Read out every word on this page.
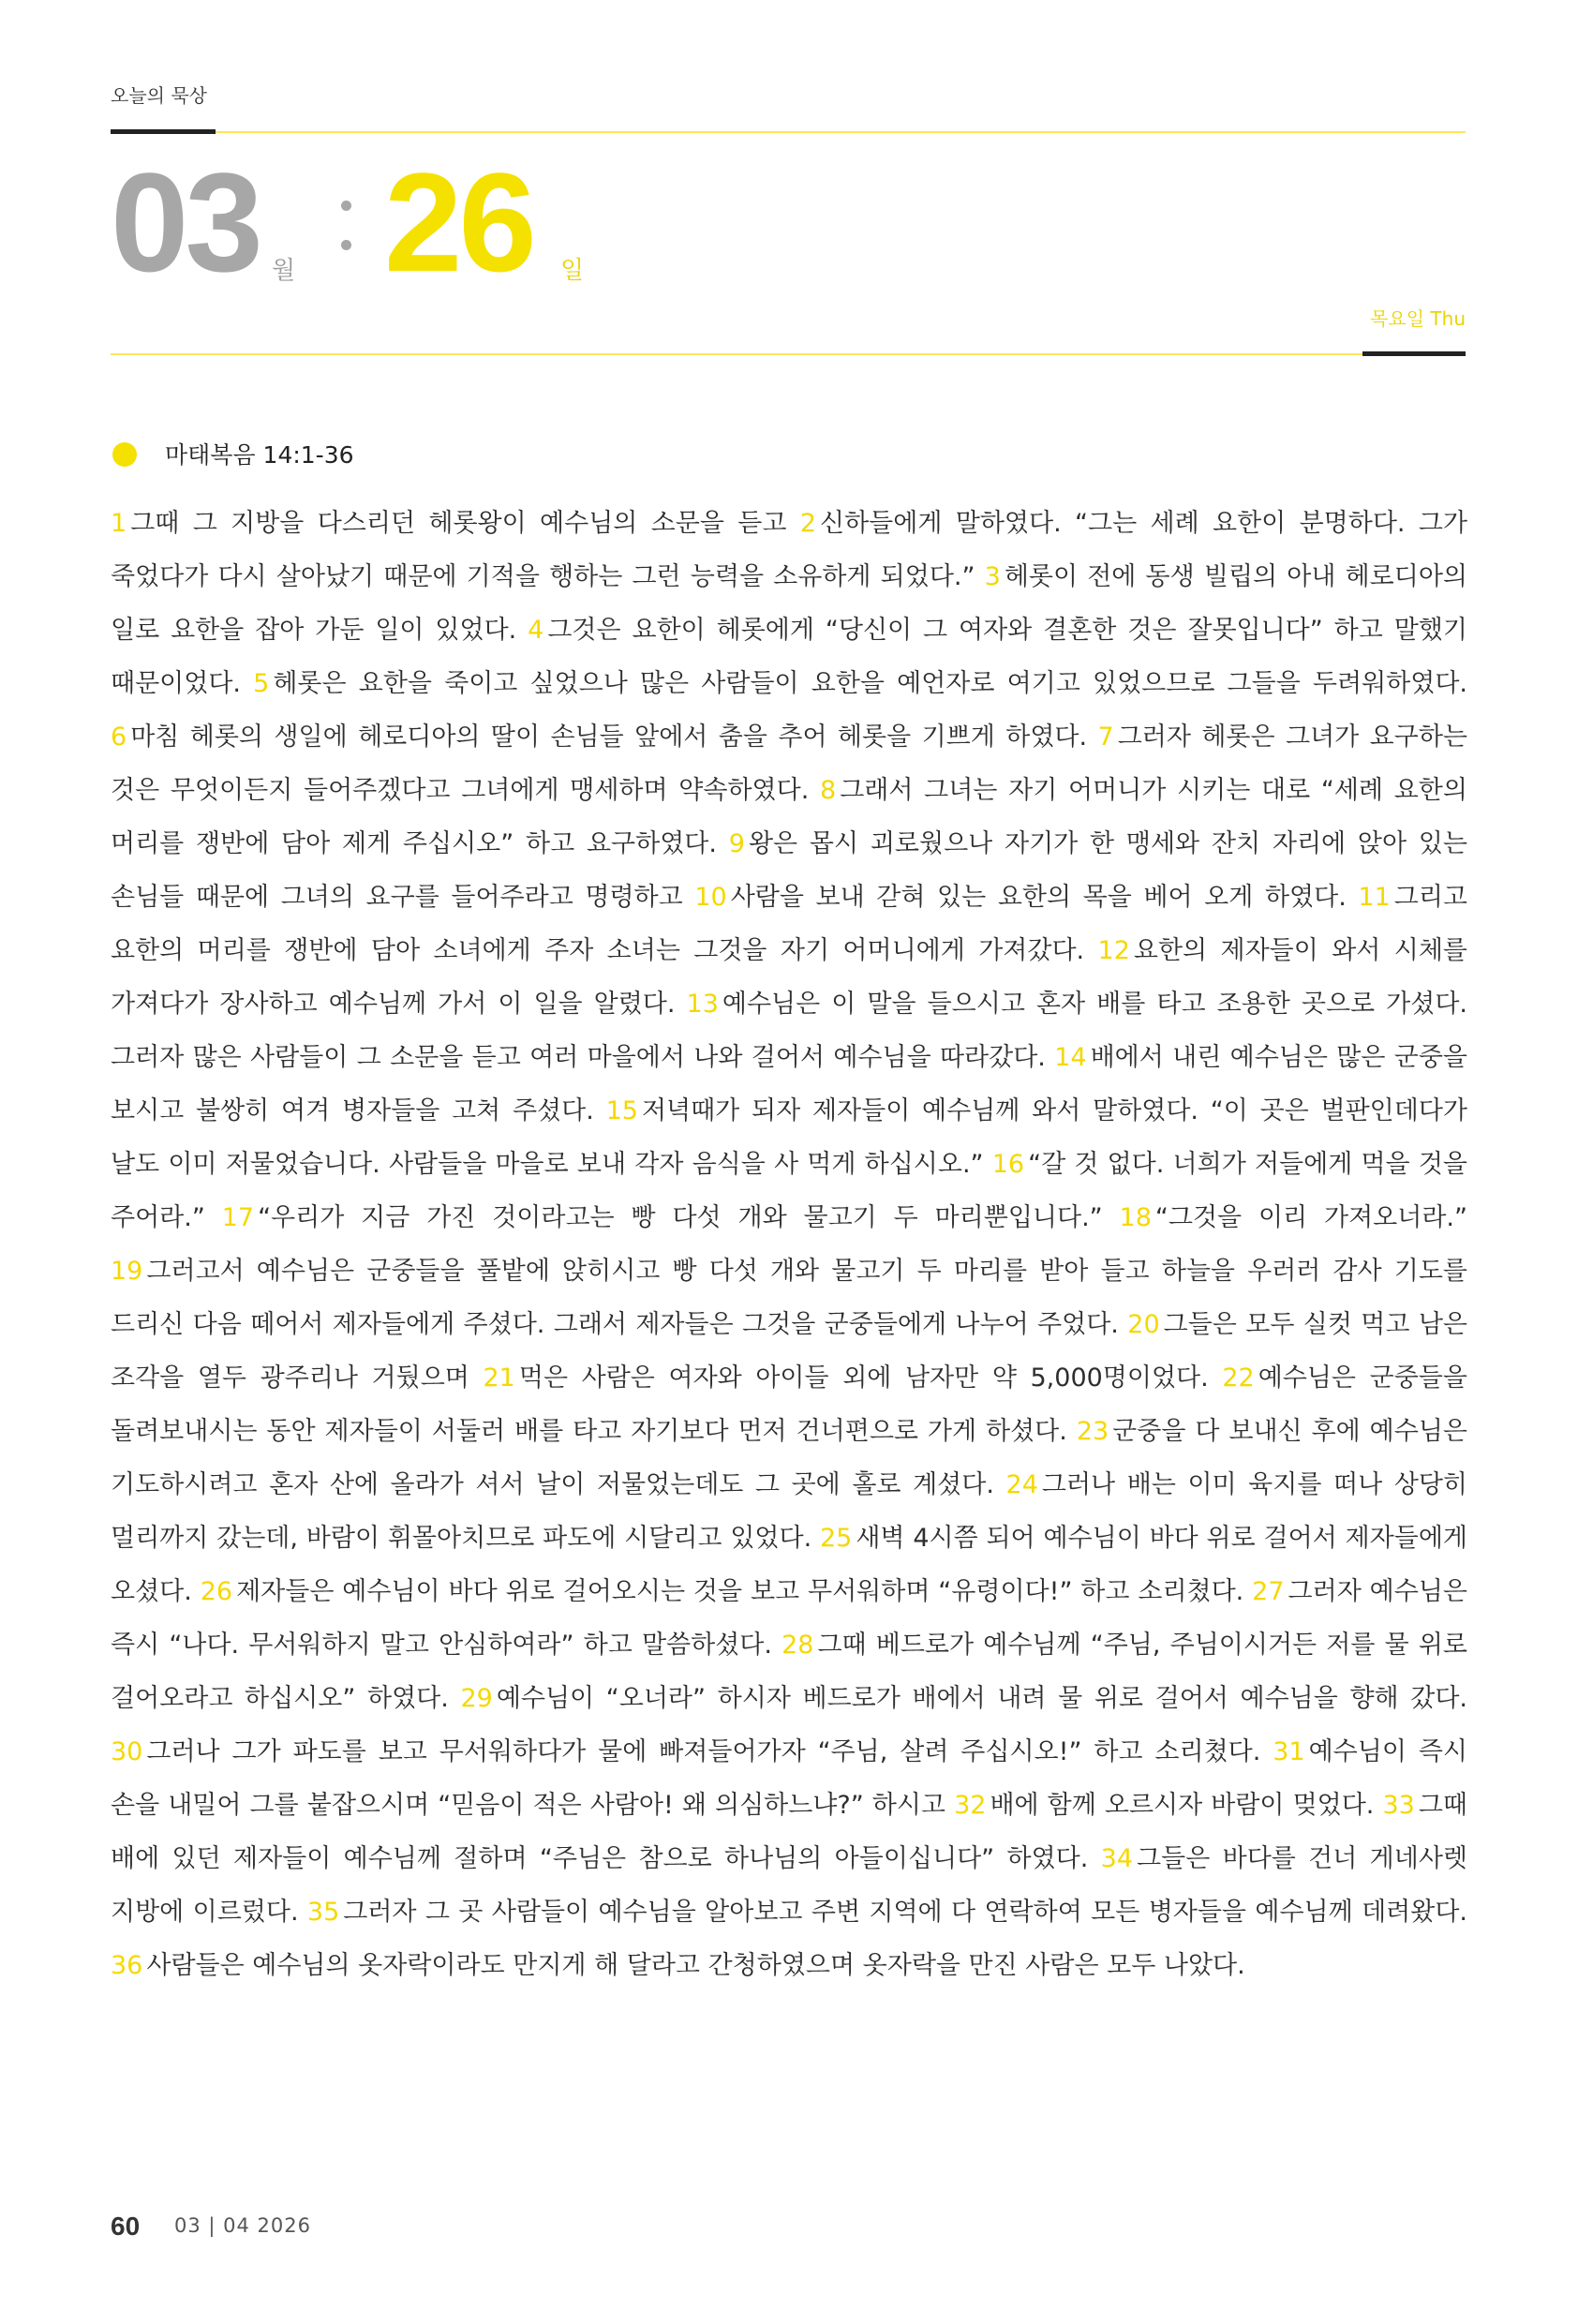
오늘의 묵상
03 월 26 일
목요일 Thu
마태복음 14:1-36
1 그때 그 지방을 다스리던 헤롯왕이 예수님의 소문을 듣고 2 신하들에게 말하였다. “그는 세례 요한이 분명하다. 그가 죽었다가 다시 살아났기 때문에 기적을 행하는 그런 능력을 소유하게 되었다.” 3 헤롯이 전에 동생 빌립의 아내 헤로디아의 일로 요한을 잡아 가둔 일이 있었다. 4 그것은 요한이 헤롯에게 “당신이 그 여자와 결혼한 것은 잘못입니다” 하고 말했기 때문이었다. 5 헤롯은 요한을 죽이고 싶었으나 많은 사람들이 요한을 예언자로 여기고 있었으므로 그들을 두려워하였다. 6 마침 헤롯의 생일에 헤로디아의 딸이 손님들 앞에서 춤을 추어 헤롯을 기쁘게 하였다. 7 그러자 헤롯은 그녀가 요구하는 것은 무엇이든지 들어주겠다고 그녀에게 맹세하며 약속하였다. 8 그래서 그녀는 자기 어머니가 시키는 대로 “세례 요한의 머리를 쟁반에 담아 제게 주십시오” 하고 요구하였다. 9 왕은 몹시 괴로웠으나 자기가 한 맹세와 잔치 자리에 앉아 있는 손님들 때문에 그녀의 요구를 들어주라고 명령하고 10 사람을 보내 갇혀 있는 요한의 목을 베어 오게 하였다. 11 그리고 요한의 머리를 쟁반에 담아 소녀에게 주자 소녀는 그것을 자기 어머니에게 가져갔다. 12 요한의 제자들이 와서 시체를 가져다가 장사하고 예수님께 가서 이 일을 알렸다. 13 예수님은 이 말을 들으시고 혼자 배를 타고 조용한 곳으로 가셨다. 그러자 많은 사람들이 그 소문을 듣고 여러 마을에서 나와 걸어서 예수님을 따라갔다. 14 배에서 내린 예수님은 많은 군중을 보시고 불쌍히 여겨 병자들을 고쳐 주셨다. 15 저녁때가 되자 제자들이 예수님께 와서 말하였다. “이 곳은 벌판인데다가 날도 이미 저물었습니다. 사람들을 마을로 보내 각자 음식을 사 먹게 하십시오.” 16 “갈 것 없다. 너희가 저들에게 먹을 것을 주어라.” 17 “우리가 지금 가진 것이라고는 빵 다섯 개와 물고기 두 마리뿐입니다.” 18 “그것을 이리 가져오너라.” 19 그러고서 예수님은 군중들을 풀밭에 앉히시고 빵 다섯 개와 물고기 두 마리를 받아 들고 하늘을 우러러 감사 기도를 드리신 다음 떼어서 제자들에게 주셨다. 그래서 제자들은 그것을 군중들에게 나누어 주었다. 20 그들은 모두 실컷 먹고 남은 조각을 열두 광주리나 거뒀으며 21 먹은 사람은 여자와 아이들 외에 남자만 약 5,000명이었다. 22 예수님은 군중들을 돌려보내시는 동안 제자들이 서둘러 배를 타고 자기보다 먼저 건너편으로 가게 하셨다. 23 군중을 다 보내신 후에 예수님은 기도하시려고 혼자 산에 올라가 셔서 날이 저물었는데도 그 곳에 홀로 계셨다. 24 그러나 배는 이미 육지를 떠나 상당히 멀리까지 갔는데, 바람이 휘몰아치므로 파도에 시달리고 있었다. 25 새벽 4시쯤 되어 예수님이 바다 위로 걸어서 제자들에게 오셨다. 26 제자들은 예수님이 바다 위로 걸어오시는 것을 보고 무서워하며 “유령이다!” 하고 소리쳤다. 27 그러자 예수님은 즉시 “나다. 무서워하지 말고 안심하여라” 하고 말씀하셨다. 28 그때 베드로가 예수님께 “주님, 주님이시거든 저를 물 위로 걸어오라고 하십시오” 하였다. 29 예수님이 “오너라” 하시자 베드로가 배에서 내려 물 위로 걸어서 예수님을 향해 갔다. 30 그러나 그가 파도를 보고 무서워하다가 물에 빠져들어가자 “주님, 살려 주십시오!” 하고 소리쳤다. 31 예수님이 즉시 손을 내밀어 그를 붙잡으시며 “믿음이 적은 사람아! 왜 의심하느냐?” 하시고 32 배에 함께 오르시자 바람이 멎었다. 33 그때 배에 있던 제자들이 예수님께 절하며 “주님은 참으로 하나님의 아들이십니다” 하였다. 34 그들은 바다를 건너 게네사렛 지방에 이르렀다. 35 그러자 그 곳 사람들이 예수님을 알아보고 주변 지역에 다 연락하여 모든 병자들을 예수님께 데려왔다. 36 사람들은 예수님의 옷자락이라도 만지게 해 달라고 간청하였으며 옷자락을 만진 사람은 모두 나았다.
60 03 | 04 2026
